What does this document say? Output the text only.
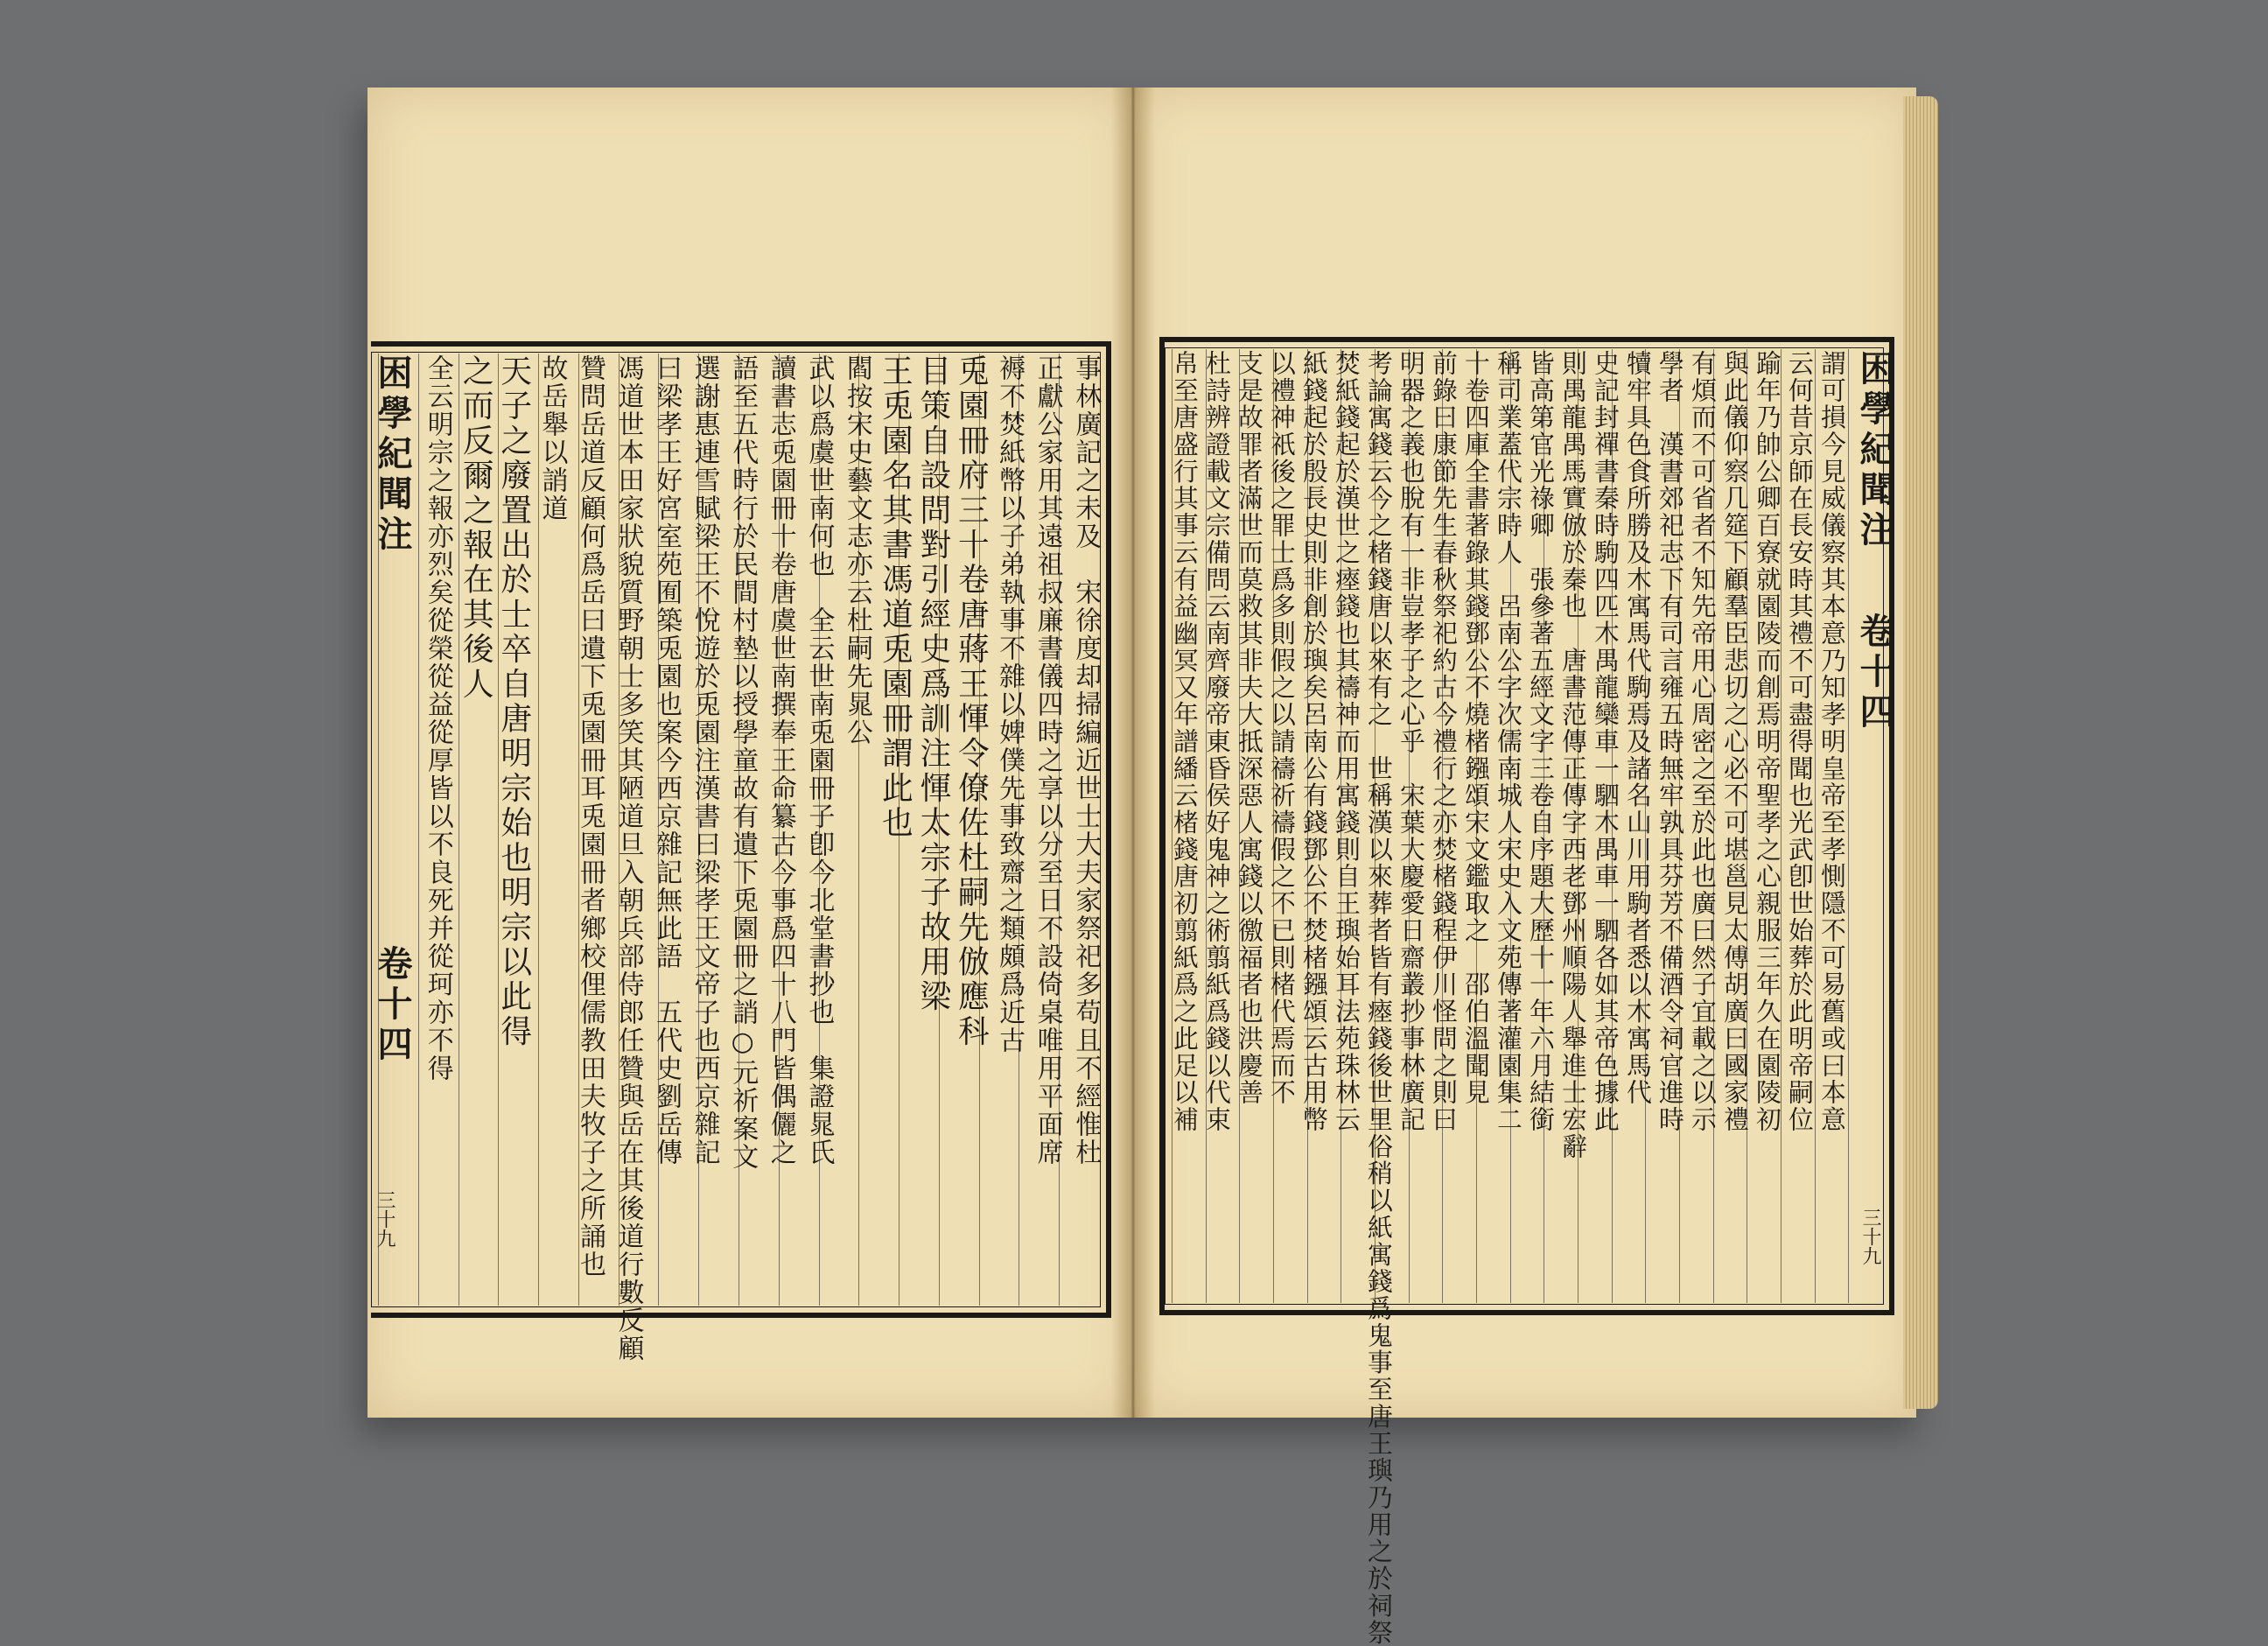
困學紀聞注
卷十四
三十九
困學紀聞注
卷十四
三十九
事林廣記之未及　宋徐度却掃編近世士大夫家祭祀多苟且不經惟杜
正獻公家用其遠祖叔廉書儀四時之享以分至日不設倚桌唯用平面席
褥不焚紙幣以子弟執事不雜以婢僕先事致齋之類頗爲近古
兎園冊府三十卷唐蔣王惲令僚佐杜嗣先倣應科
目策自設問對引經史爲訓注惲太宗子故用梁
王兎園名其書馮道兎園冊謂此也
閻按宋史藝文志亦云杜嗣先晁公
武以爲虞世南何也　全云世南兎園冊子卽今北堂書抄也　集證晁氏
讀書志兎園冊十卷唐虞世南撰奉王命纂古今事爲四十八門皆偶儷之
語至五代時行於民間村墊以授學童故有遺下兎園冊之誚○元祈案文
選謝惠連雪賦梁王不悅遊於兎園注漢書曰梁孝王文帝子也西京雜記
曰梁孝王好宮室苑囿築兎園也案今西京雜記無此語　五代史劉岳傳
馮道世本田家狀貌質野朝士多笑其陋道旦入朝兵部侍郎任贊與岳在其後道行數反顧
贊問岳道反顧何爲岳曰遺下兎園冊耳兎園冊者鄉校俚儒教田夫牧子之所誦也
故岳舉以誚道
天子之廢置出於士卒自唐明宗始也明宗以此得
之而反爾之報在其後人
全云明宗之報亦烈矣從榮從益從厚皆以不良死并從珂亦不得	謂可損今見威儀察其本意乃知孝明皇帝至孝惻隱不可易舊或曰本意
云何昔京師在長安時其禮不可盡得聞也光武卽世始葬於此明帝嗣位
踰年乃帥公卿百寮就園陵而創焉明帝聖孝之心親服三年久在園陵初
與此儀仰察几筵下顧羣臣悲切之心必不可堪邕見太傅胡廣曰國家禮
有煩而不可省者不知先帝用心周密之至於此也廣曰然子宜載之以示
學者　漢書郊祀志下有司言雍五時無牢孰具芬芳不備酒令祠官進時
犢牢具色食所勝及木寓馬代駒焉及諸名山川用駒者悉以木寓馬代
史記封禪書秦時駒四匹木禺龍欒車一駟木禺車一駟各如其帝色據此
則禺龍禺馬實倣於秦也　唐書范傳正傳字西老鄧州順陽人舉進士宏辭
皆高第官光祿卿　張參著五經文字三卷自序題大歷十一年六月結銜
稱司業蓋代宗時人　呂南公字次儒南城人宋史入文苑傳著灌園集二
十卷四庫全書著錄其錢鄧公不燒楮鏹頌宋文鑑取之　邵伯溫聞見
前錄曰康節先生春秋祭祀約古今禮行之亦焚楮錢程伊川怪問之則曰
明器之義也脫有一非豈孝子之心乎　宋葉大慶愛日齋叢抄事林廣記
考論寓錢云今之楮錢唐以來有之　世稱漢以來葬者皆有瘞錢後世里俗稍以紙寓錢爲鬼事至唐王璵乃用之於祠祭
焚紙錢起於漢世之瘞錢也其禱神而用寓錢則自王璵始耳法苑珠林云
紙錢起於殷長史則非創於璵矣呂南公有錢鄧公不焚楮鏹頌云古用幣
以禮神祇後之罪士爲多則假之以請禱祈禱假之不已則楮代焉而不
支是故罪者滿世而莫救其非夫大抵深惡人寓錢以徼福者也洪慶善
杜詩辨證載文宗備問云南齊廢帝東昏侯好鬼神之術翦紙爲錢以代束
帛至唐盛行其事云有益幽冥又年譜繙云楮錢唐初翦紙爲之此足以補
